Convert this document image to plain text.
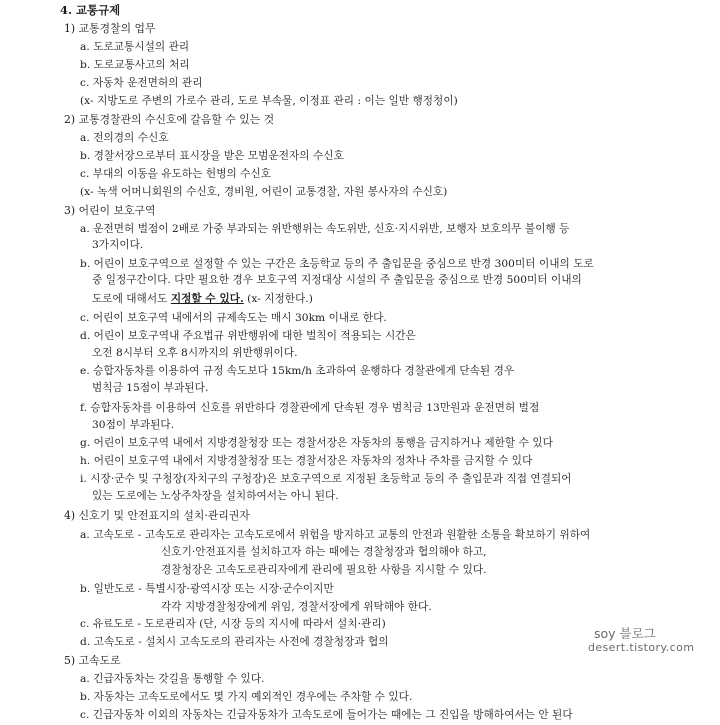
4. 교통규제
1) 교통경찰의 업무
a. 도로교통시설의 관리
b. 도로교통사고의 처리
c. 자동차 운전면허의 관리
(x- 지방도로 주변의 가로수 관리, 도로 부속물, 이정표 관리 : 이는 일반 행정청이)
2) 교통경찰관의 수신호에 갈음할 수 있는 것
a. 전의경의 수신호
b. 경찰서장으로부터 표시장을 받은 모범운전자의 수신호
c. 부대의 이동을 유도하는 헌병의 수신호
(x- 녹색 어머니회원의 수신호, 경비원, 어린이 교통경찰, 자원 봉사자의 수신호)
3) 어린이 보호구역
a. 운전면허 벌점이 2배로 가중 부과되는 위반행위는 속도위반, 신호·지시위반, 보행자 보호의무 불이행 등
3가지이다.
b. 어린이 보호구역으로 설정할 수 있는 구간은 초등학교 등의 주 출입문을 중심으로 반경 300미터 이내의 도로
중 일정구간이다. 다만 필요한 경우 보호구역 지정대상 시설의 주 출입문을 중심으로 반경 500미터 이내의
도로에 대해서도 지정할 수 있다. (x- 지정한다.)
c. 어린이 보호구역 내에서의 규제속도는 매시 30km 이내로 한다.
d. 어린이 보호구역내 주요법규 위반행위에 대한 벌칙이 적용되는 시간은
오전 8시부터 오후 8시까지의 위반행위이다.
e. 승합자동차를 이용하여 규정 속도보다 15km/h 초과하여 운행하다 경찰관에게 단속된 경우
범칙금 15점이 부과된다.
f. 승합자동차를 이용하여 신호를 위반하다 경찰관에게 단속된 경우 범칙금 13만원과 운전면허 벌점
30점이 부과된다.
g. 어린이 보호구역 내에서 지방경찰청장 또는 경찰서장은 자동차의 통행을 금지하거나 제한할 수 있다
h. 어린이 보호구역 내에서 지방경찰청장 또는 경찰서장은 자동차의 정차나 주차를 금지할 수 있다
i. 시장·군수 및 구청장(자치구의 구청장)은 보호구역으로 지정된 초등학교 등의 주 출입문과 직접 연결되어
있는 도로에는 노상주차장을 설치하여서는 아니 된다.
4) 신호기 및 안전표지의 설치·관리권자
a. 고속도로 - 고속도로 관리자는 고속도로에서 위험을 방지하고 교통의 안전과 원활한 소통을 확보하기 위하여
신호기·안전표지를 설치하고자 하는 때에는 경찰청장과 협의해야 하고,
경찰청장은 고속도로관리자에게 관리에 필요한 사항을 지시할 수 있다.
b. 일반도로 - 특별시장·광역시장 또는 시장·군수이지만
각각 지방경찰청장에게 위임, 경찰서장에게 위탁해야 한다.
c. 유료도로 - 도로관리자 (단, 시장 등의 지시에 따라서 설치·관리)
d. 고속도로 - 설치시 고속도로의 관리자는 사전에 경찰청장과 협의
5) 고속도로
a. 긴급자동차는 갓길을 통행할 수 있다.
b. 자동차는 고속도로에서도 몇 가지 예외적인 경우에는 주차할 수 있다.
c. 긴급자동차 이외의 자동차는 긴급자동차가 고속도로에 들어가는 때에는 그 진입을 방해하여서는 안 된다
soy 블로그
desert.tistory.com
